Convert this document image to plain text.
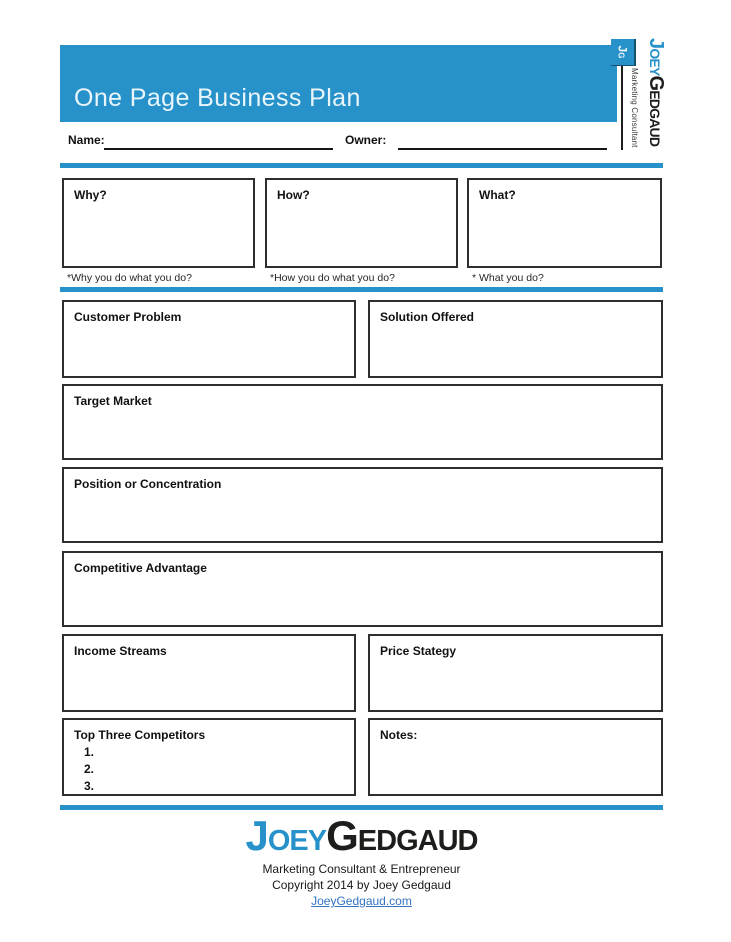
One Page Business Plan
Jg
Marketing Consultant
JoeyGedgaud
Name:	Owner:
Why?	How?	What?
*Why you do what you do?	*How you do what you do?	* What you do?
Customer Problem	Solution Offered
Target Market
Position or Concentration
Competitive Advantage
Income Streams	Price Stategy
Top Three Competitors
1.
2.
3.
Notes:
JoeyGedgaud
Marketing Consultant & Entrepreneur
Copyright 2014 by Joey Gedgaud
JoeyGedgaud.com
